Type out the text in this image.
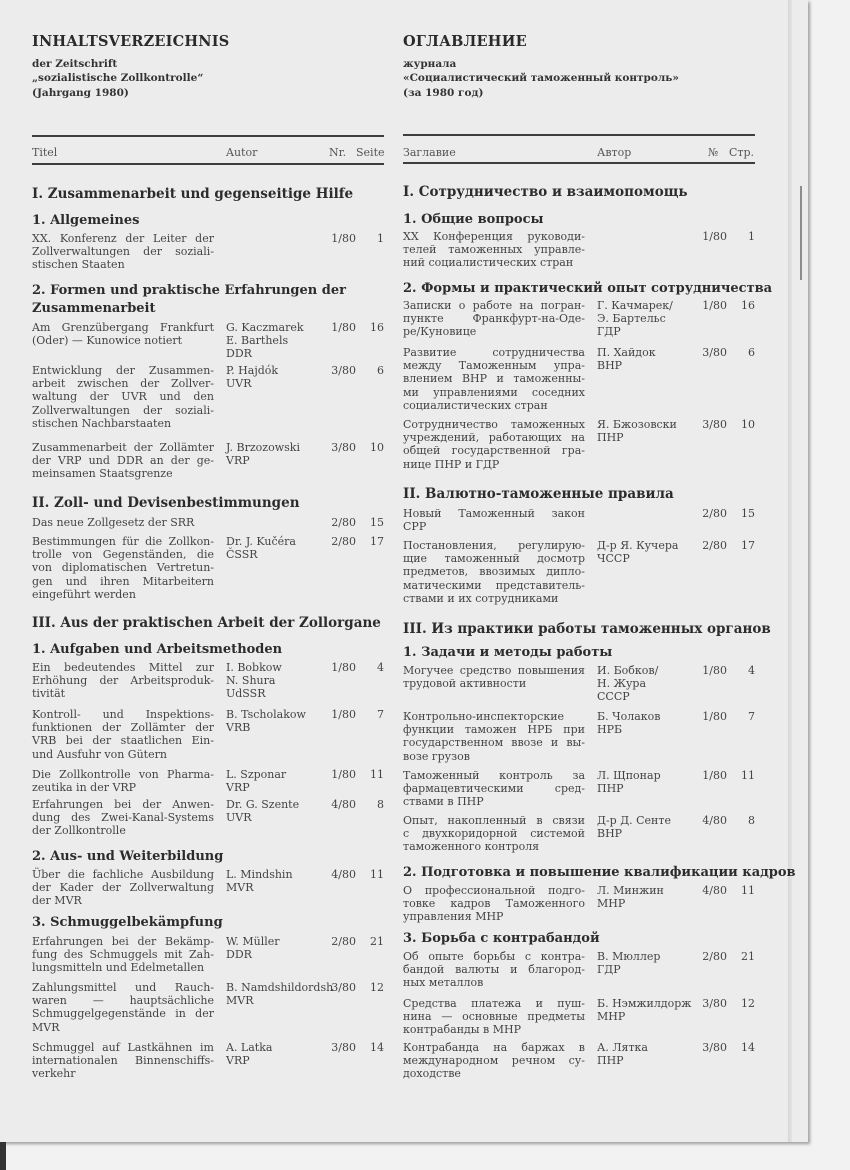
INHALTSVERZEICHNIS
der Zeitschrift
„sozialistische Zollkontrolle“
(Jahrgang 1980)
Titel	Autor	Nr. Seite
I. Zusammenarbeit und gegenseitige Hilfe
1. Allgemeines
XX. Konferenz der Leiter der
Zollverwaltungen der soziali-
stischen Staaten
1/80	1
2. Formen und praktische Erfahrungen der
Zusammenarbeit
Am Grenzübergang Frankfurt
(Oder) — Kunowice notiert
G. Kaczmarek
E. Barthels
DDR
1/80	16
Entwicklung der Zusammen-
arbeit zwischen der Zollver-
waltung der UVR und den
Zollverwaltungen der soziali-
stischen Nachbarstaaten
P. Hajdók
UVR
3/80	6
Zusammenarbeit der Zollämter
der VRP und DDR an der ge-
meinsamen Staatsgrenze
J. Brzozowski
VRP
3/80	10
II. Zoll- und Devisenbestimmungen
Das neue Zollgesetz der SRR	2/80	15
Bestimmungen für die Zollkon-
trolle von Gegenständen, die
von diplomatischen Vertretun-
gen und ihren Mitarbeitern
eingeführt werden
Dr. J. Kučéra
ČSSR
2/80	17
III. Aus der praktischen Arbeit der Zollorgane
1. Aufgaben und Arbeitsmethoden
Ein bedeutendes Mittel zur
Erhöhung der Arbeitsproduk-
tivität
I. Bobkow
N. Shura
UdSSR
1/80	4
Kontroll- und Inspektions-
funktionen der Zollämter der
VRB bei der staatlichen Ein-
und Ausfuhr von Gütern
B. Tscholakow
VRB
1/80	7
Die Zollkontrolle von Pharma-
zeutika in der VRP
L. Szponar
VRP
1/80	11
Erfahrungen bei der Anwen-
dung des Zwei-Kanal-Systems
der Zollkontrolle
Dr. G. Szente
UVR
4/80	8
2. Aus- und Weiterbildung
Über die fachliche Ausbildung
der Kader der Zollverwaltung
der MVR
L. Mindshin
MVR
4/80	11
3. Schmuggelbekämpfung
Erfahrungen bei der Bekämp-
fung des Schmuggels mit Zah-
lungsmitteln und Edelmetallen
W. Müller
DDR
2/80	21
Zahlungsmittel und Rauch-
waren — hauptsächliche
Schmuggelgegenstände in der
MVR
B. Namdshildordsh
MVR
3/80	12
Schmuggel auf Lastkähnen im
internationalen Binnenschiffs-
verkehr
A. Latka
VRP
3/80	14
ОГЛАВЛЕНИЕ
журнала
«Социалистический таможенный контроль»
(за 1980 год)
Заглавие	Автор	№ Стр.
I. Сотрудничество и взаимопомощь
1. Общие вопросы
XX Конференция руководи-
телей таможенных управле-
ний социалистических стран
1/80	1
2. Формы и практический опыт сотрудничества
Записки о работе на погран-
пункте Франкфурт-на-Оде-
ре/Куновице
Г. Качмарек/
Э. Бартельс
ГДР
1/80	16
Развитие сотрудничества
между Таможенным упра-
влением ВНР и таможенны-
ми управлениями соседних
социалистических стран
П. Хайдок
ВНР
3/80	6
Сотрудничество таможенных
учреждений, работающих на
общей государственной гра-
нице ПНР и ГДР
Я. Бжозовски
ПНР
3/80	10
II. Валютно-таможенные правила
Новый Таможенный закон
СРР
2/80	15
Постановления, регулирую-
щие таможенный досмотр
предметов, ввозимых дипло-
матическими представитель-
ствами и их сотрудниками
Д-р Я. Кучера
ЧССР
2/80	17
III. Из практики работы таможенных органов
1. Задачи и методы работы
Могучее средство повышения
трудовой активности
И. Бобков/
Н. Жура
СССР
1/80	4
Контрольно-инспекторские
функции таможен НРБ при
государственном ввозе и вы-
возе грузов
Б. Чолаков
НРБ
1/80	7
Таможенный контроль за
фармацевтическими сред-
ствами в ПНР
Л. Щпонар
ПНР
1/80	11
Опыт, накопленный в связи
с двухкоридорной системой
таможенного контроля
Д-р Д. Сенте
ВНР
4/80	8
2. Подготовка и повышение квалификации кадров
О профессиональной подго-
товке кадров Таможенного
управления МНР
Л. Минжин
МНР
4/80	11
3. Борьба с контрабандой
Об опыте борьбы с контра-
бандой валюты и благород-
ных металлов
В. Мюллер
ГДР
2/80	21
Средства платежа и пуш-
нина — основные предметы
контрабанды в МНР
Б. Нэмжилдорж
МНР
3/80	12
Контрабанда на баржах в
международном речном су-
доходстве
А. Лятка
ПНР
3/80	14
